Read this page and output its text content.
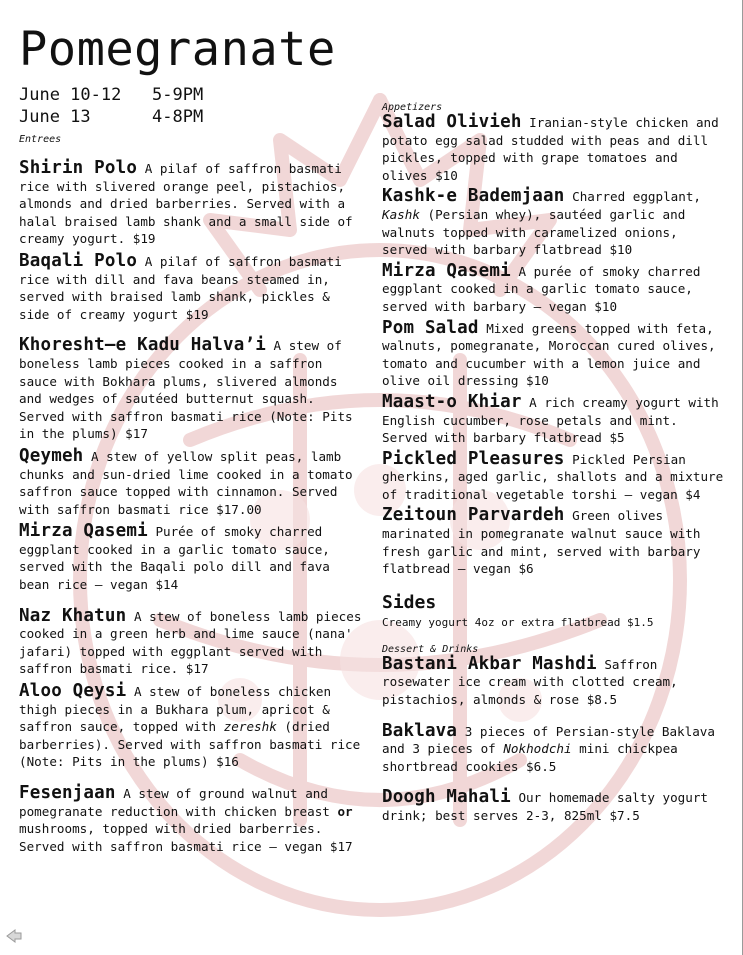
Pomegranate
June 10-12   5-9PM
June 13      4-8PM
Entrees
Shirin Polo A pilaf of saffron basmati rice with slivered orange peel, pistachios, almonds and dried barberries. Served with a halal braised lamb shank and a small side of creamy yogurt. $19
Baqali Polo A pilaf of saffron basmati rice with dill and fava beans steamed in, served with braised lamb shank, pickles & side of creamy yogurt $19
Khoresht–e Kadu Halva’i A stew of boneless lamb pieces cooked in a saffron sauce with Bokhara plums, slivered almonds and wedges of sautéed butternut squash. Served with saffron basmati rice (Note: Pits in the plums) $17
Qeymeh A stew of yellow split peas, lamb chunks and sun-dried lime cooked in a tomato saffron sauce topped with cinnamon. Served with saffron basmati rice $17.00
Mirza Qasemi Purée of smoky charred eggplant cooked in a garlic tomato sauce, served with the Baqali polo dill and fava bean rice – vegan $14
Naz Khatun A stew of boneless lamb pieces cooked in a green herb and lime sauce (nana' jafari) topped with eggplant served with saffron basmati rice. $17
Aloo Qeysi A stew of boneless chicken thigh pieces in a Bukhara plum, apricot & saffron sauce, topped with zereshk (dried barberries). Served with saffron basmati rice (Note: Pits in the plums) $16
Fesenjaan A stew of ground walnut and pomegranate reduction with chicken breast or mushrooms, topped with dried barberries. Served with saffron basmati rice – vegan $17
Appetizers
Salad Olivieh Iranian-style chicken and potato egg salad studded with peas and dill pickles, topped with grape tomatoes and olives $10
Kashk-e Bademjaan Charred eggplant, Kashk (Persian whey), sautéed garlic and walnuts topped with caramelized onions, served with barbary flatbread $10
Mirza Qasemi A purée of smoky charred eggplant cooked in a garlic tomato sauce, served with barbary – vegan $10
Pom Salad Mixed greens topped with feta, walnuts, pomegranate, Moroccan cured olives, tomato and cucumber with a lemon juice and olive oil dressing $10
Maast-o Khiar A rich creamy yogurt with English cucumber, rose petals and mint. Served with barbary flatbread $5
Pickled Pleasures Pickled Persian gherkins, aged garlic, shallots and a mixture of traditional vegetable torshi – vegan $4
Zeitoun Parvardeh Green olives marinated in pomegranate walnut sauce with fresh garlic and mint, served with barbary flatbread – vegan $6
Sides
Creamy yogurt 4oz or extra flatbread $1.5
Dessert & Drinks
Bastani Akbar Mashdi Saffron rosewater ice cream with clotted cream, pistachios, almonds & rose $8.5
Baklava 3 pieces of Persian-style Baklava and 3 pieces of Nokhodchi mini chickpea shortbread cookies $6.5
Doogh Mahali Our homemade salty yogurt drink; best serves 2-3, 825ml $7.5
